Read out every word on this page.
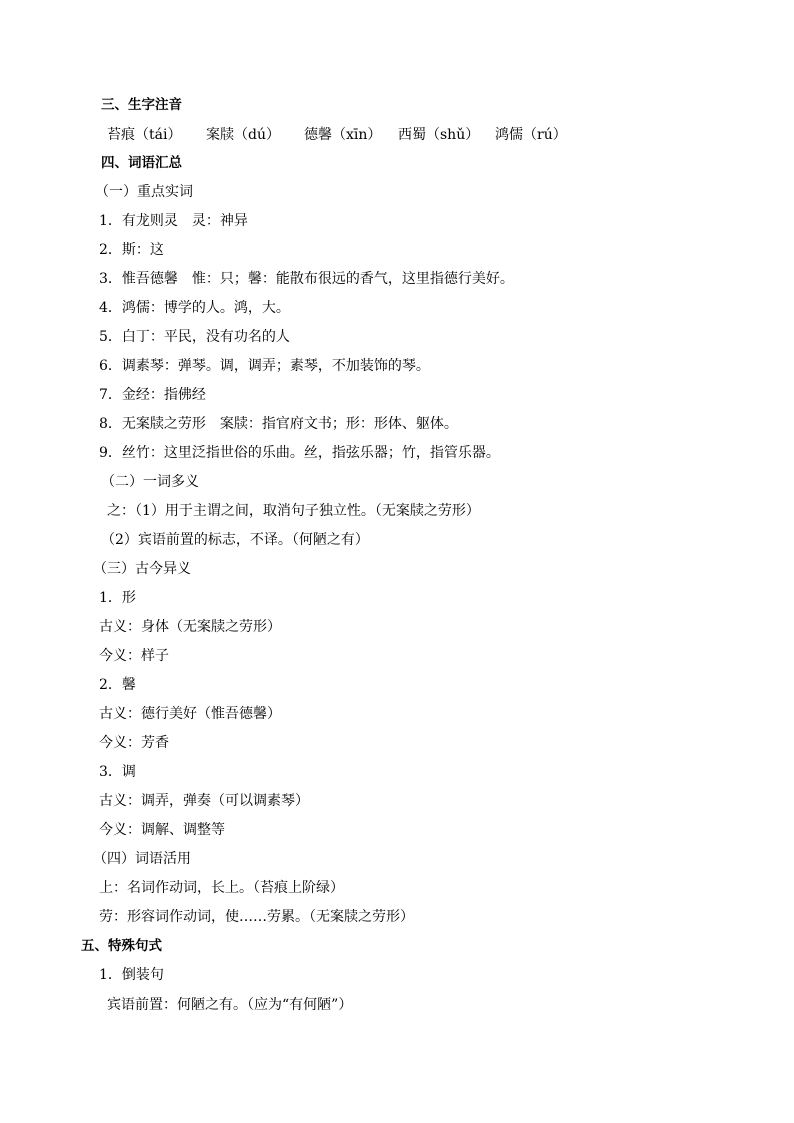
三、生字注音
苔痕（tái） 案牍（dú） 德馨（xīn） 西蜀（shǔ） 鸿儒（rú）
四、词语汇总
（一）重点实词
1．有龙则灵　灵：神异
2．斯：这
3．惟吾德馨　惟：只；馨：能散布很远的香气，这里指德行美好。
4．鸿儒：博学的人。鸿，大。
5．白丁：平民，没有功名的人
6．调素琴：弹琴。调，调弄；素琴，不加装饰的琴。
7．金经：指佛经
8．无案牍之劳形　案牍：指官府文书；形：形体、躯体。
9．丝竹：这里泛指世俗的乐曲。丝，指弦乐器；竹，指管乐器。
（二）一词多义
之：（1）用于主谓之间，取消句子独立性。（无案牍之劳形）
（2）宾语前置的标志，不译。（何陋之有）
（三）古今异义
1．形
古义：身体（无案牍之劳形）
今义：样子
2．馨
古义：德行美好（惟吾德馨）
今义：芳香
3．调
古义：调弄，弹奏（可以调素琴）
今义：调解、调整等
（四）词语活用
上：名词作动词，长上。（苔痕上阶绿）
劳：形容词作动词，使……劳累。（无案牍之劳形）
五、特殊句式
1．倒装句
宾语前置：何陋之有。（应为“有何陋”）
